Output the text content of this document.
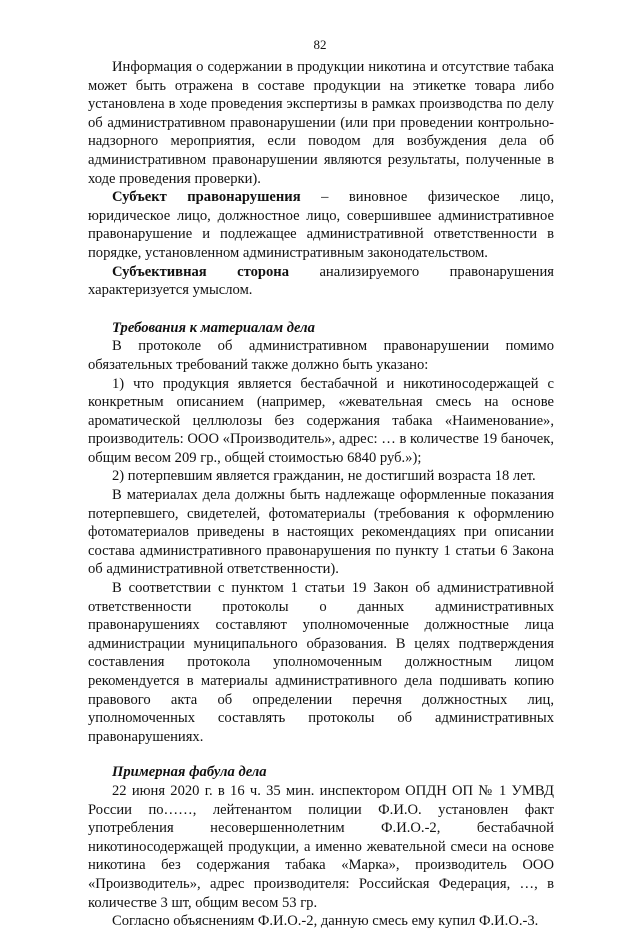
82

Информация о содержании в продукции никотина и отсутствие табака может быть отражена в составе продукции на этикетке товара либо установлена в ходе проведения экспертизы в рамках производства по делу об административном правонарушении (или при проведении контрольно-надзорного мероприятия, если поводом для возбуждения дела об административном правонарушении являются результаты, полученные в ходе проведения проверки).

Субъект правонарушения – виновное физическое лицо, юридическое лицо, должностное лицо, совершившее административное правонарушение и подлежащее административной ответственности в порядке, установленном административным законодательством.

Субъективная сторона анализируемого правонарушения характеризуется умыслом.

Требования к материалам дела

В протоколе об административном правонарушении помимо обязательных требований также должно быть указано:

1) что продукция является бестабачной и никотиносодержащей с конкретным описанием (например, «жевательная смесь на основе ароматической целлюлозы без содержания табака «Наименование», производитель: ООО «Производитель», адрес: … в количестве 19 баночек, общим весом 209 гр., общей стоимостью 6840 руб.»);

2) потерпевшим является гражданин, не достигший возраста 18 лет.

В материалах дела должны быть надлежаще оформленные показания потерпевшего, свидетелей, фотоматериалы (требования к оформлению фотоматериалов приведены в настоящих рекомендациях при описании состава административного правонарушения по пункту 1 статьи 6 Закона об административной ответственности).

В соответствии с пунктом 1 статьи 19 Закон об административной ответственности протоколы о данных административных правонарушениях составляют уполномоченные должностные лица администрации муниципального образования. В целях подтверждения составления протокола уполномоченным должностным лицом рекомендуется в материалы административного дела подшивать копию правового акта об определении перечня должностных лиц, уполномоченных составлять протоколы об административных правонарушениях.

Примерная фабула дела

22 июня 2020 г. в 16 ч. 35 мин. инспектором ОПДН ОП № 1 УМВД России по……, лейтенантом полиции Ф.И.О. установлен факт употребления несовершеннолетним Ф.И.О.-2, бестабачной никотиносодержащей продукции, а именно жевательной смеси на основе никотина без содержания табака «Марка», производитель ООО «Производитель», адрес производителя: Российская Федерация, …, в количестве 3 шт, общим весом 53 гр.

Согласно объяснениям Ф.И.О.-2, данную смесь ему купил Ф.И.О.-3.
